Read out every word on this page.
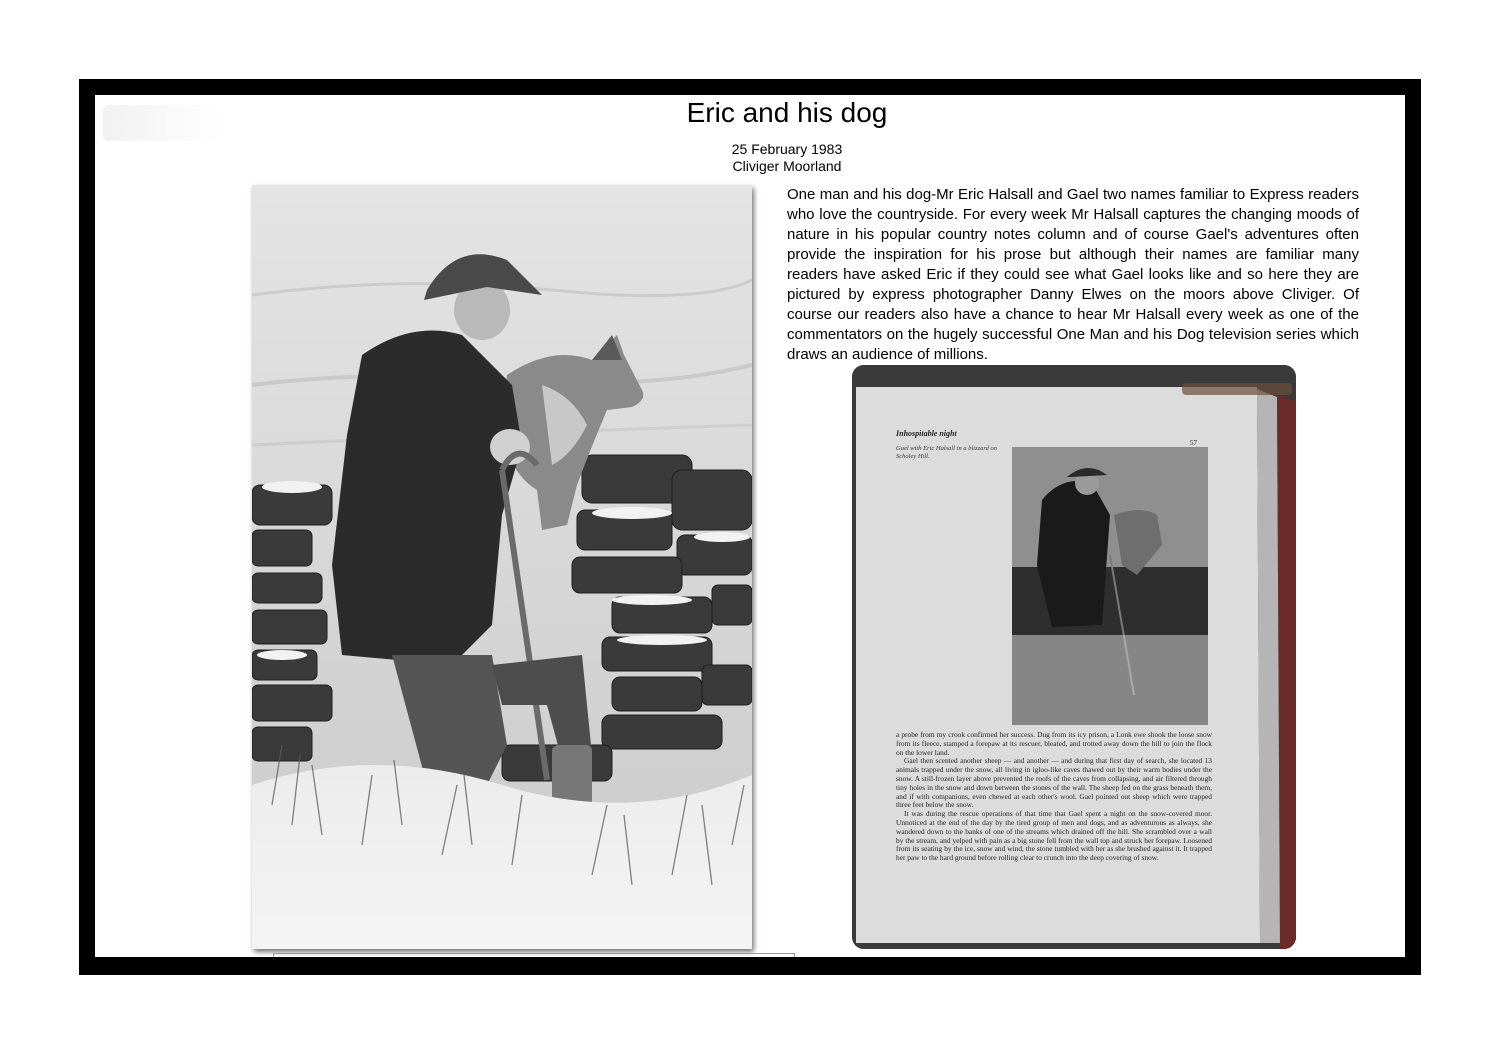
Eric and his dog
25 February 1983
Cliviger Moorland

One man and his dog-Mr Eric Halsall and Gael two names familiar to Express readers who love the countryside. For every week Mr Halsall captures the changing moods of nature in his popular country notes column and of course Gael's adventures often provide the inspiration for his prose but although their names are familiar many readers have asked Eric if they could see what Gael looks like and so here they are pictured by express photographer Danny Elwes on the moors above Cliviger. Of course our readers also have a chance to hear Mr Halsall every week as one of the commentators on the hugely successful One Man and his Dog television series which draws an audience of millions.

Inhospitable night
57
Gael with Eric Halsall in a blizzard on Scholey Hill.

a probe from my crook confirmed her success. Dug from its icy prison, a Lonk ewe shook the loose snow from its fleece, stamped a forepaw at its rescuer, bleated, and trotted away down the hill to join the flock on the lower land.

Gael then scented another sheep — and another — and during that first day of search, she located 13 animals trapped under the snow, all living in igloo-like caves thawed out by their warm bodies under the snow. A still-frozen layer above prevented the roofs of the caves from collapsing, and air filtered through tiny holes in the snow and down between the stones of the wall. The sheep fed on the grass beneath them, and if with companions, even chewed at each other's wool. Gael pointed out sheep which were trapped three feet below the snow.

It was during the rescue operations of that time that Gael spent a night on the snow-covered moor. Unnoticed at the end of the day by the tired group of men and dogs, and as adventurous as always, she wandered down to the banks of one of the streams which drained off the hill. She scrambled over a wall by the stream, and yelped with pain as a big stone fell from the wall top and struck her forepaw. Loosened from its seating by the ice, snow and wind, the stone tumbled with her as she brushed against it. It trapped her paw to the hard ground before rolling clear to crunch into the deep covering of snow.
